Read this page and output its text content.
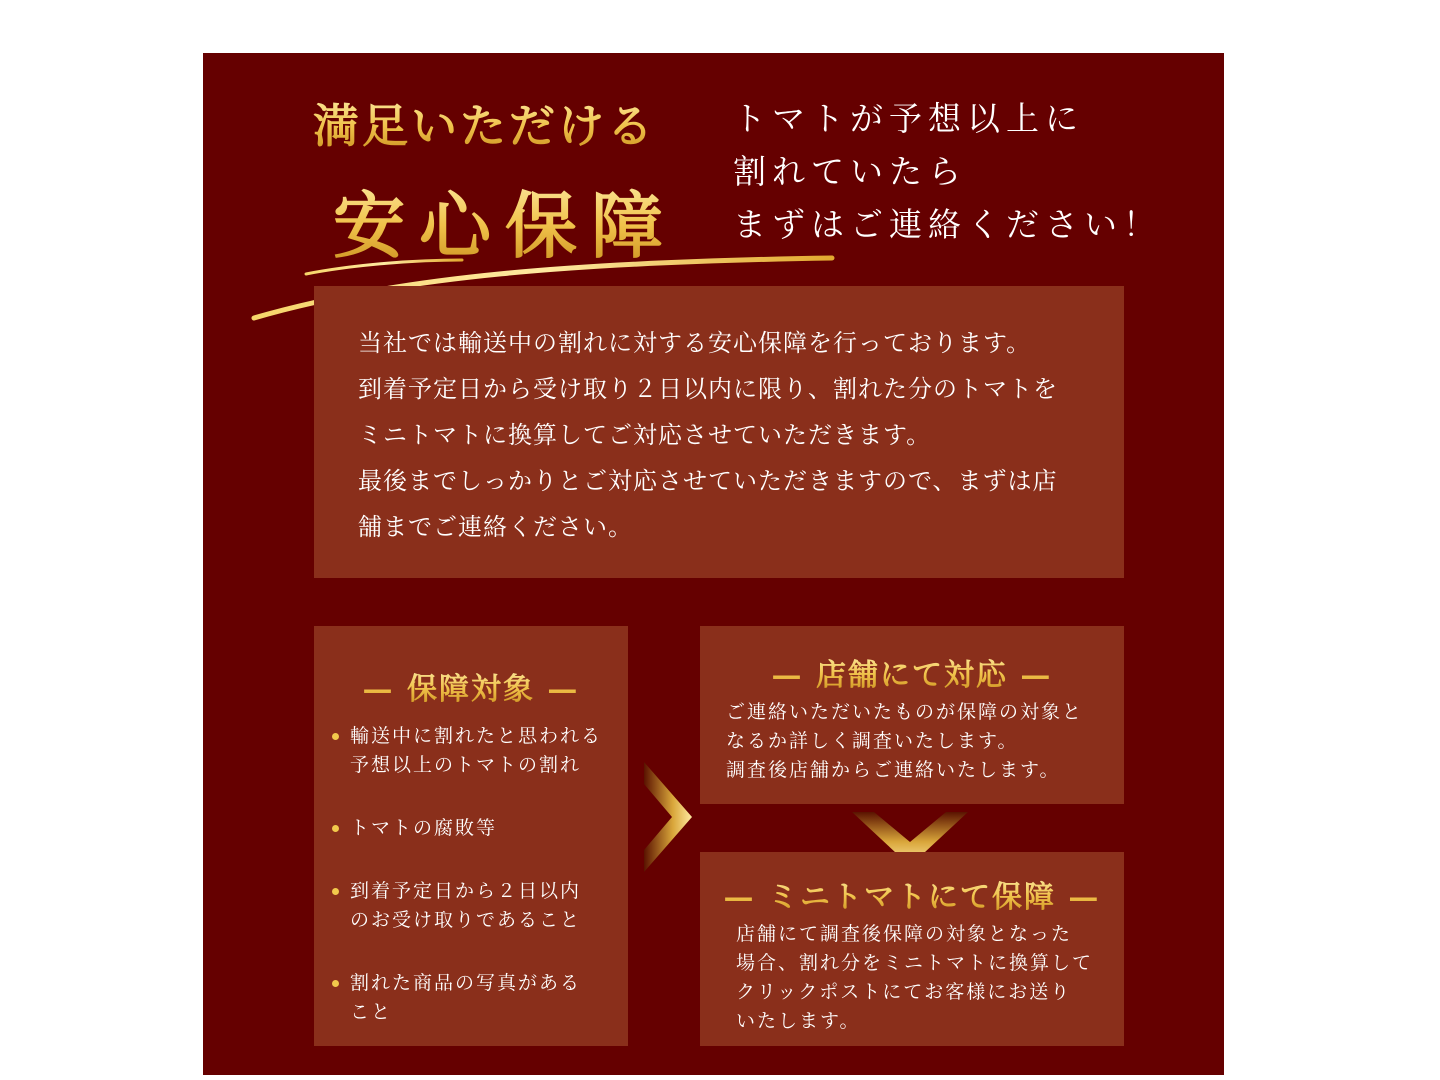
満足いただける
安心保障
トマトが予想以上に
割れていたら
まずはご連絡ください！
当社では輸送中の割れに対する安心保障を行っております。
到着予定日から受け取り２日以内に限り、割れた分のトマトを
ミニトマトに換算してご対応させていただきます。
最後までしっかりとご対応させていただきますので、まずは店
舗までご連絡ください。
— 保障対象 —
輸送中に割れたと思われる
予想以上のトマトの割れ
トマトの腐敗等
到着予定日から２日以内
のお受け取りであること
割れた商品の写真がある
こと
— 店舗にて対応 —
ご連絡いただいたものが保障の対象と
なるか詳しく調査いたします。
調査後店舗からご連絡いたします。
— ミニトマトにて保障 —
店舗にて調査後保障の対象となった
場合、割れ分をミニトマトに換算して
クリックポストにてお客様にお送り
いたします。
